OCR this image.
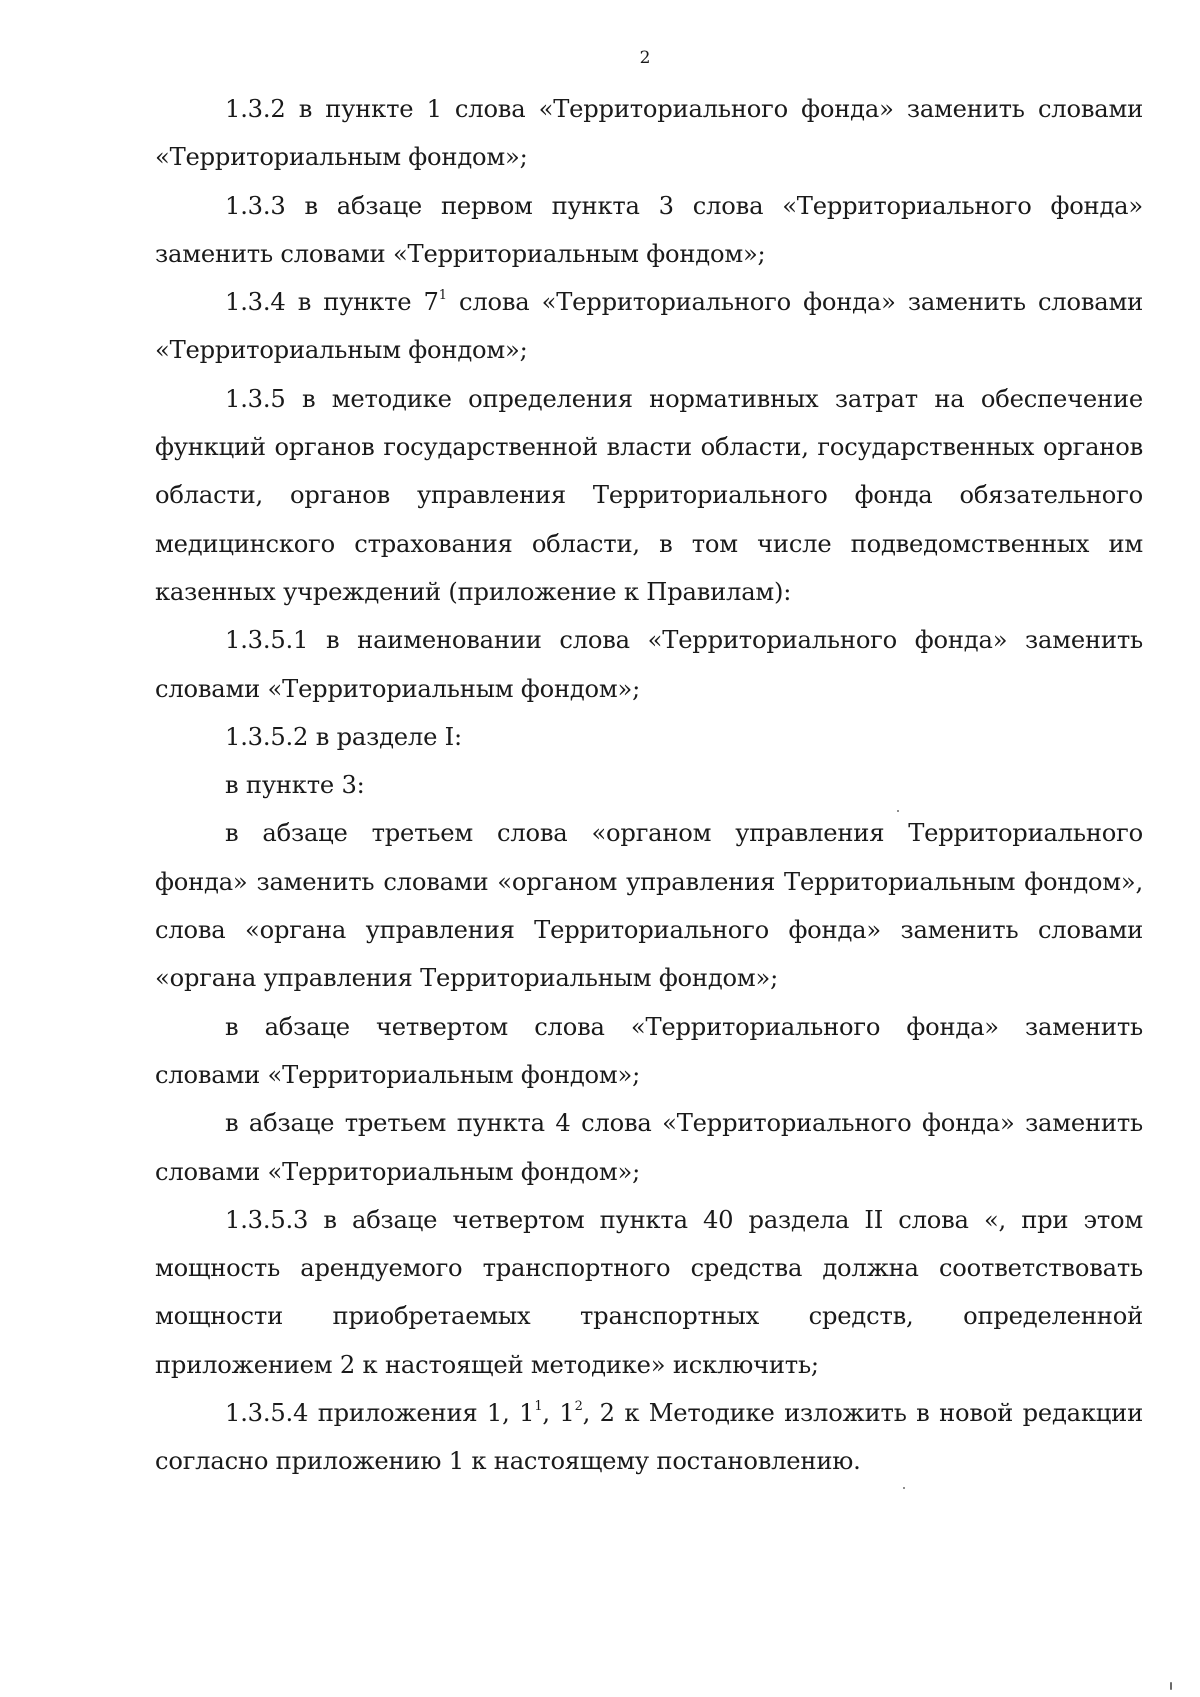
2

1.3.2 в пункте 1 слова «Территориального фонда» заменить словами «Территориальным фондом»;

1.3.3 в абзаце первом пункта 3 слова «Территориального фонда» заменить словами «Территориальным фондом»;

1.3.4 в пункте $7^1$ слова «Территориального фонда» заменить словами «Территориальным фондом»;

1.3.5 в методике определения нормативных затрат на обеспечение функций органов государственной власти области, государственных органов области, органов управления Территориального фонда обязательного медицинского страхования области, в том числе подведомственных им казенных учреждений (приложение к Правилам):

1.3.5.1 в наименовании слова «Территориального фонда» заменить словами «Территориальным фондом»;

1.3.5.2 в разделе I:

в пункте 3:

в абзаце третьем слова «органом управления Территориального фонда» заменить словами «органом управления Территориальным фондом», слова «органа управления Территориального фонда» заменить словами «органа управления Территориальным фондом»;

в абзаце четвертом слова «Территориального фонда» заменить словами «Территориальным фондом»;

в абзаце третьем пункта 4 слова «Территориального фонда» заменить словами «Территориальным фондом»;

1.3.5.3 в абзаце четвертом пункта 40 раздела II слова «, при этом мощность арендуемого транспортного средства должна соответствовать мощности приобретаемых транспортных средств, определенной приложением 2 к настоящей методике» исключить;

1.3.5.4 приложения 1, $1^1$, $1^2$, 2 к Методике изложить в новой редакции согласно приложению 1 к настоящему постановлению.
